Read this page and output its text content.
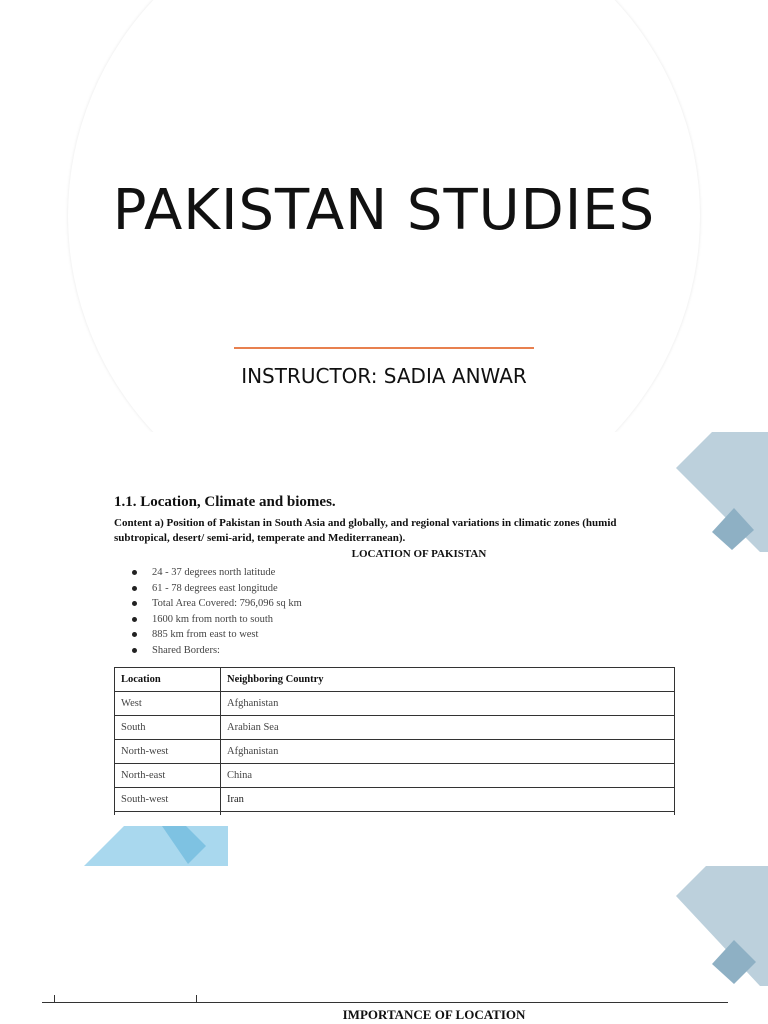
PAKISTAN STUDIES
INSTRUCTOR: SADIA ANWAR

1.1. Location, Climate and biomes.

Content a) Position of Pakistan in South Asia and globally, and regional variations in climatic zones (humid subtropical, desert/ semi-arid, temperate and Mediterranean).

LOCATION OF PAKISTAN

24 - 37 degrees north latitude
61 - 78 degrees east longitude
Total Area Covered: 796,096 sq km
1600 km from north to south
885 km from east to west
Shared Borders:
Location	Neighboring Country
West	Afghanistan
South	Arabian Sea
North-west	Afghanistan
North-east	China
South-west	Iran

IMPORTANCE OF LOCATION
